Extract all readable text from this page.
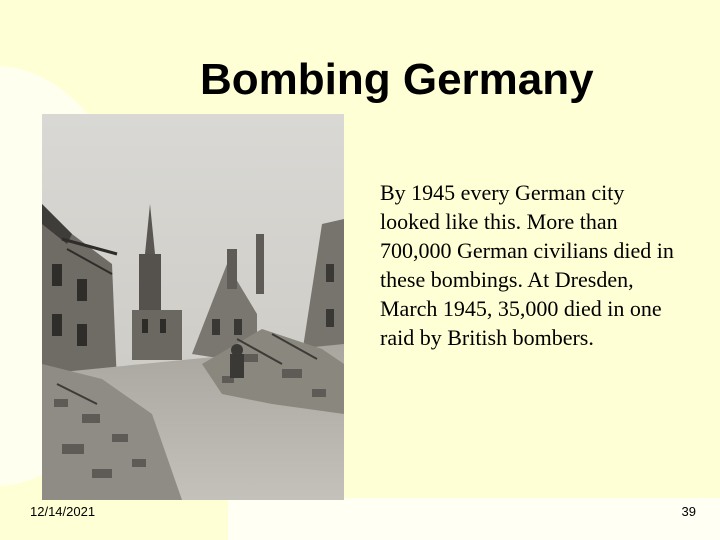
Bombing Germany
By 1945 every German city looked like this. More than 700,000 German civilians died in these bombings. At Dresden, March 1945, 35,000 died in one raid by British bombers.
12/14/2021	39
